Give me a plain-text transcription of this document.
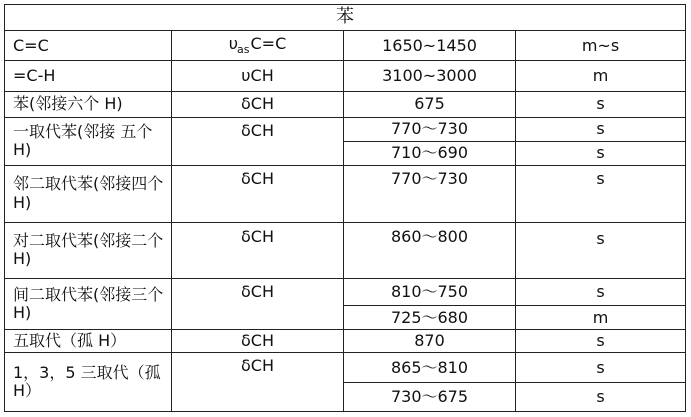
苯			
C=C	$\upsilon_{as}C=C$	1650~1450	m~s
=C-H	υCH	3100~3000	m
苯(邻接六个 H)	δCH	675	s
一取代苯(邻接 五个 H)	δCH	770～730	s
		710～690	s
邻二取代苯(邻接四个 H)	δCH	770～730	s
对二取代苯(邻接二个 H)	δCH	860～800	s
间二取代苯(邻接三个 H)	δCH	810～750	s
		725～680	m
五取代（孤 H）	δCH	870	s
1，3，5 三取代（孤 H）	δCH	865～810	s
		730～675	s
